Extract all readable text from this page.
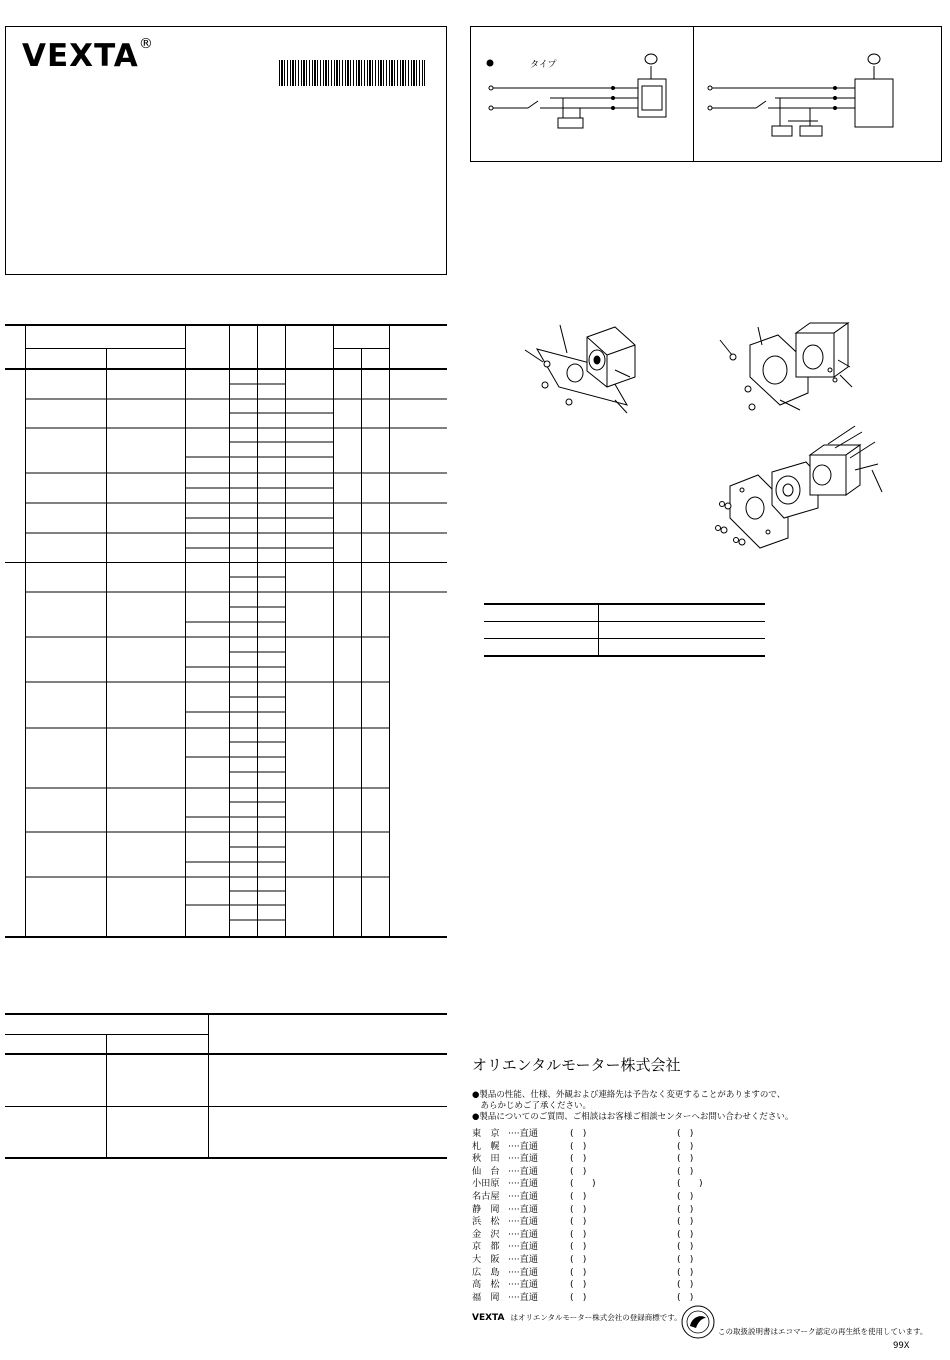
VEXTA®
タイプ
オリエンタルモーター株式会社
●製品の性能、仕様、外観および連絡先は予告なく変更することがありますので、
　あらかじめご了承ください。
●製品についてのご質問、ご相談はお客様ご相談センターへお問い合わせください。
東　京 ····直通	(　)	(　)
札　幌 ····直通	(　)	(　)
秋　田 ····直通	(　)	(　)
仙　台 ····直通	(　)	(　)
小田原 ····直通	(　　)	(　　)
名古屋 ····直通	(　)	(　)
静　岡 ····直通	(　)	(　)
浜　松 ····直通	(　)	(　)
金　沢 ····直通	(　)	(　)
京　都 ····直通	(　)	(　)
大　阪 ····直通	(　)	(　)
広　島 ····直通	(　)	(　)
高　松 ····直通	(　)	(　)
福　岡 ····直通	(　)	(　)
VEXTA はオリエンタルモーター株式会社の登録商標です。
この取扱説明書はエコマーク認定の再生紙を使用しています。
99X
